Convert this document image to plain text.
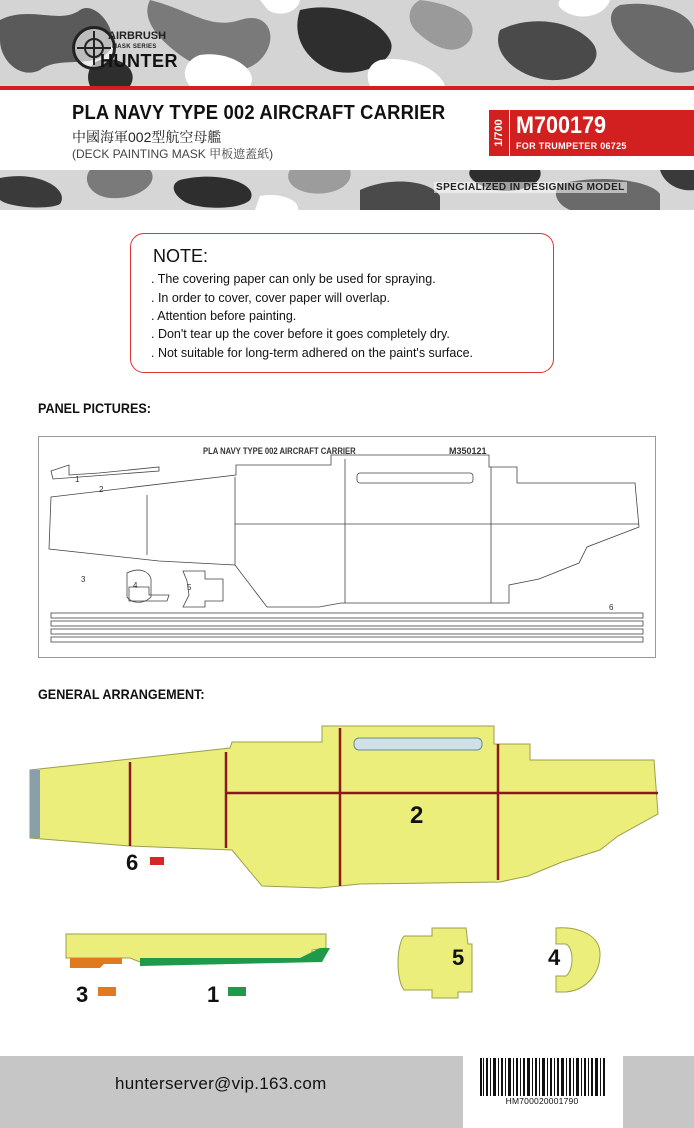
AIRBRUSH
MASK SERIES
HUNTER
PLA NAVY TYPE 002 AIRCRAFT CARRIER
中國海軍002型航空母艦
(DECK PAINTING MASK 甲板遮蓋紙)
1/700 M700179
FOR TRUMPETER 06725
SPECIALIZED IN DESIGNING MODEL
NOTE:
. The covering paper can only be used for spraying.
. In order to cover, cover paper will overlap.
. Attention before painting.
. Don't tear up the cover before it goes completely dry.
. Not suitable for long-term adhered on the paint's surface.
PANEL PICTURES:
PLA NAVY TYPE 002 AIRCRAFT CARRIER	M350121
1
2
3
4	5
6
GENERAL ARRANGEMENT:
2
6
3	1
5	4
hunterserver@vip.163.com
HM700020001790
